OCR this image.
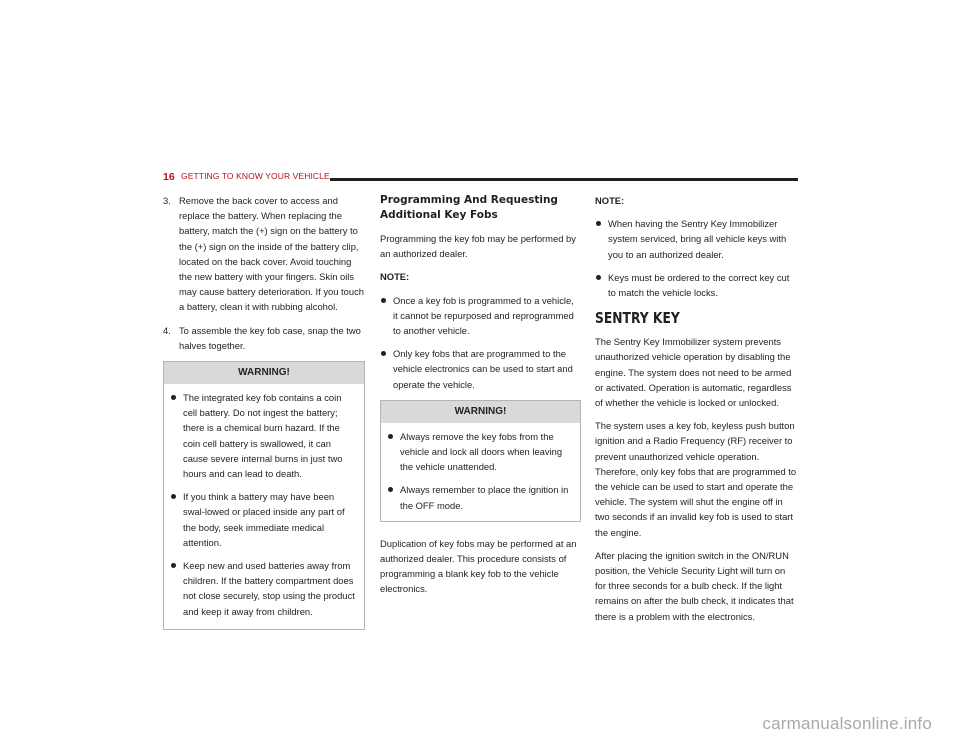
16 GETTING TO KNOW YOUR VEHICLE
3. Remove the back cover to access and replace the battery. When replacing the battery, match the (+) sign on the battery to the (+) sign on the inside of the battery clip, located on the back cover. Avoid touching the new battery with your fingers. Skin oils may cause battery deterioration. If you touch a battery, clean it with rubbing alcohol.
4. To assemble the key fob case, snap the two halves together.
WARNING!
The integrated key fob contains a coin cell battery. Do not ingest the battery; there is a chemical burn hazard. If the coin cell battery is swallowed, it can cause severe internal burns in just two hours and can lead to death.
If you think a battery may have been swal-lowed or placed inside any part of the body, seek immediate medical attention.
Keep new and used batteries away from children. If the battery compartment does not close securely, stop using the product and keep it away from children.
Programming And Requesting Additional Key Fobs

Programming the key fob may be performed by an authorized dealer.

NOTE:
Once a key fob is programmed to a vehicle, it cannot be repurposed and reprogrammed to another vehicle.
Only key fobs that are programmed to the vehicle electronics can be used to start and operate the vehicle.
WARNING!
Always remove the key fobs from the vehicle and lock all doors when leaving the vehicle unattended.
Always remember to place the ignition in the OFF mode.

Duplication of key fobs may be performed at an authorized dealer. This procedure consists of programming a blank key fob to the vehicle electronics.

NOTE:
When having the Sentry Key Immobilizer system serviced, bring all vehicle keys with you to an authorized dealer.
Keys must be ordered to the correct key cut to match the vehicle locks.
SENTRY KEY

The Sentry Key Immobilizer system prevents unauthorized vehicle operation by disabling the engine. The system does not need to be armed or activated. Operation is automatic, regardless of whether the vehicle is locked or unlocked.

The system uses a key fob, keyless push button ignition and a Radio Frequency (RF) receiver to prevent unauthorized vehicle operation. Therefore, only key fobs that are programmed to the vehicle can be used to start and operate the vehicle. The system will shut the engine off in two seconds if an invalid key fob is used to start the engine.

After placing the ignition switch in the ON/RUN position, the Vehicle Security Light will turn on for three seconds for a bulb check. If the light remains on after the bulb check, it indicates that there is a problem with the electronics.

carmanualsonline.info
